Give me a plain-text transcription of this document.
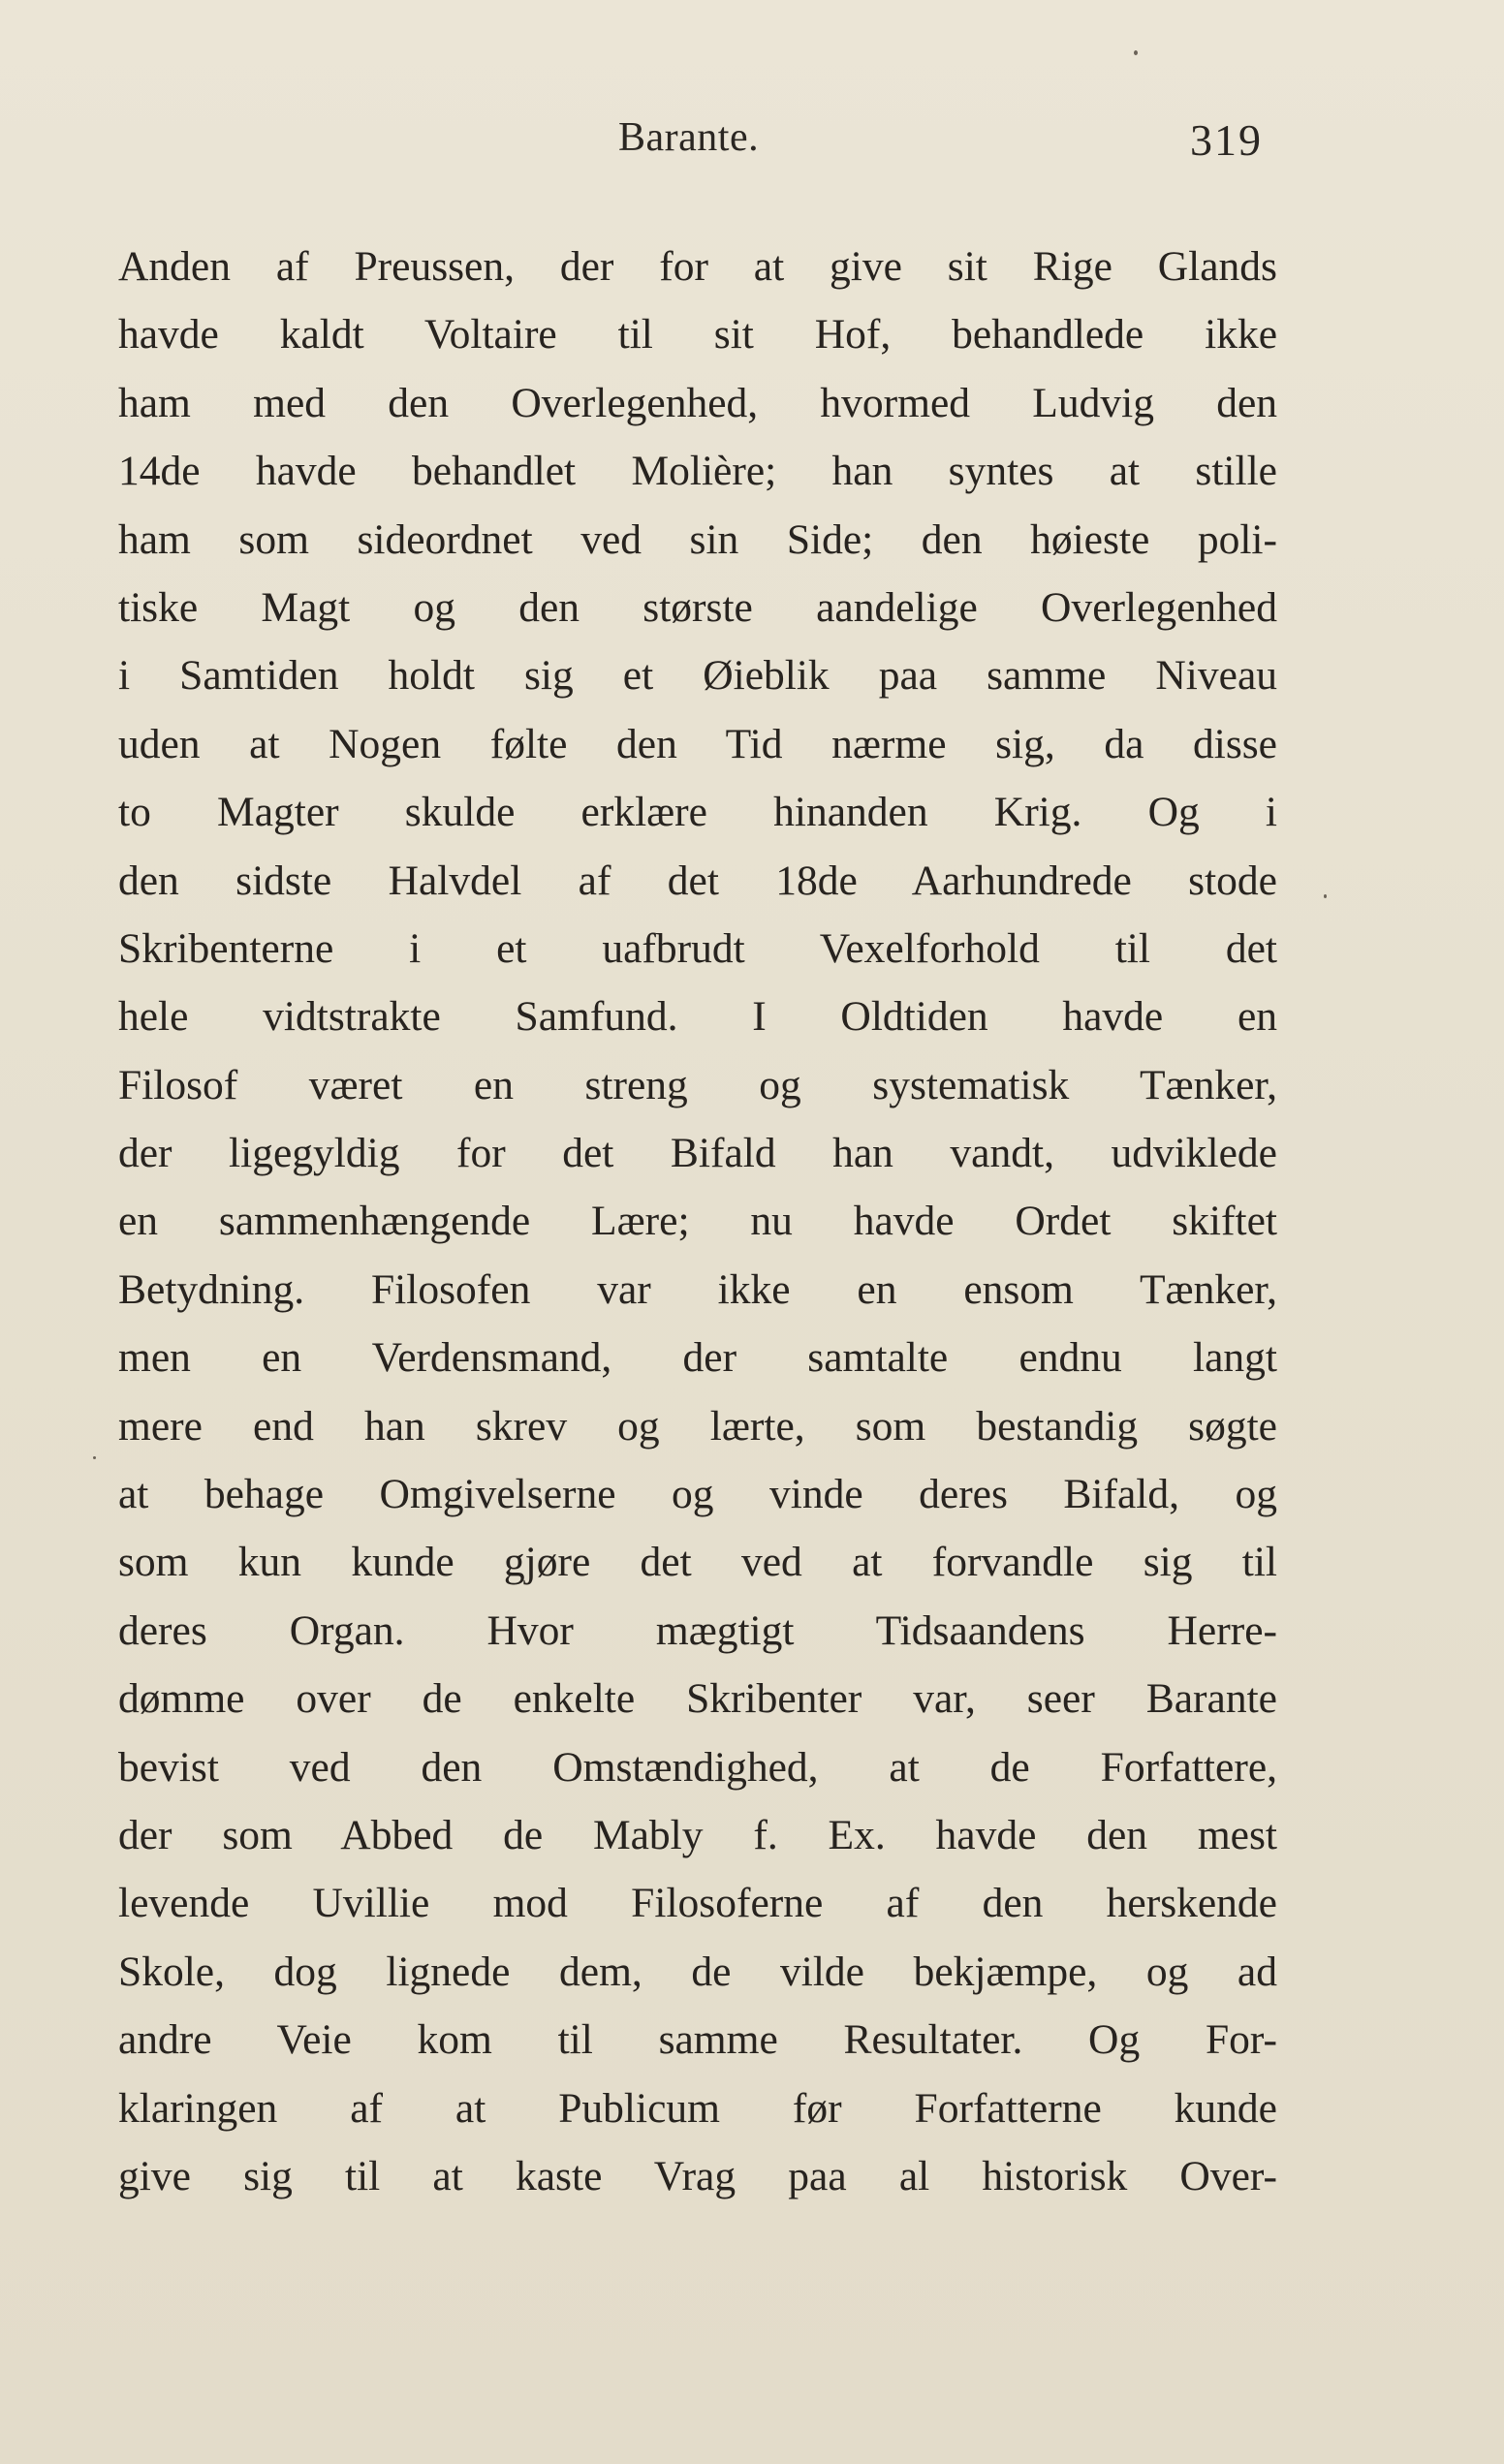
Barante.	319
Anden af Preussen, der for at give sit Rige Glands
havde kaldt Voltaire til sit Hof, behandlede ikke
ham med den Overlegenhed, hvormed Ludvig den
14de havde behandlet Molière; han syntes at stille
ham som sideordnet ved sin Side; den høieste poli-
tiske Magt og den største aandelige Overlegenhed
i Samtiden holdt sig et Øieblik paa samme Niveau
uden at Nogen følte den Tid nærme sig, da disse
to Magter skulde erklære hinanden Krig. Og i
den sidste Halvdel af det 18de Aarhundrede stode
Skribenterne i et uafbrudt Vexelforhold til det
hele vidtstrakte Samfund. I Oldtiden havde en
Filosof været en streng og systematisk Tænker,
der ligegyldig for det Bifald han vandt, udviklede
en sammenhængende Lære; nu havde Ordet skiftet
Betydning. Filosofen var ikke en ensom Tænker,
men en Verdensmand, der samtalte endnu langt
mere end han skrev og lærte, som bestandig søgte
at behage Omgivelserne og vinde deres Bifald, og
som kun kunde gjøre det ved at forvandle sig til
deres Organ. Hvor mægtigt Tidsaandens Herre-
dømme over de enkelte Skribenter var, seer Barante
bevist ved den Omstændighed, at de Forfattere,
der som Abbed de Mably f. Ex. havde den mest
levende Uvillie mod Filosoferne af den herskende
Skole, dog lignede dem, de vilde bekjæmpe, og ad
andre Veie kom til samme Resultater. Og For-
klaringen af at Publicum før Forfatterne kunde
give sig til at kaste Vrag paa al historisk Over-
